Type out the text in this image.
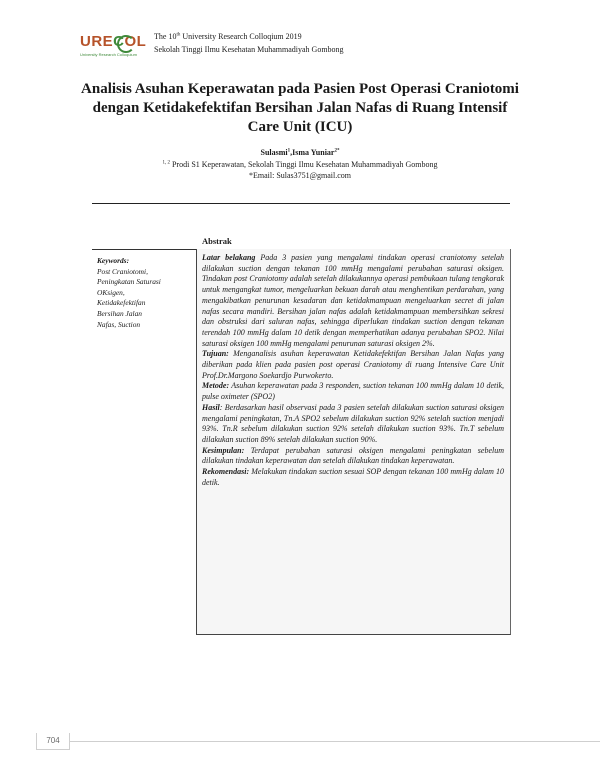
URECOL
University Research Colloquium
The 10th University Research Colloqium 2019
Sekolah Tinggi Ilmu Kesehatan Muhammadiyah Gombong
Analisis Asuhan Keperawatan pada Pasien Post Operasi Craniotomi dengan Ketidakefektifan Bersihan Jalan Nafas di Ruang Intensif Care Unit (ICU)
Sulasmi$^1$,Isma Yuniar$^{2*}$
$^{1, 2}$ Prodi S1 Keperawatan, Sekolah Tinggi Ilmu Kesehatan Muhammadiyah Gombong
*Email: Sulas3751@gmail.com
Abstrak
Keywords:
Post Craniotomi,
Peningkatan Saturasi
OKsigen,
Ketidakefektifan
Bersihan Jalan
Nafas, Suction

Latar belakang Pada 3 pasien yang mengalami tindakan operasi craniotomy setelah dilakukan suction dengan tekanan 100 mmHg mengalami perubahan saturasi oksigen. Tindakan post Craniotomy adalah setelah dilakukannya operasi pembukaan tulang tengkorak untuk mengangkat tumor, mengeluarkan bekuan darah atau menghentikan perdarahan, yang mengakibatkan penurunan kesadaran dan ketidakmampuan mengeluarkan secret di jalan nafas secara mandiri. Bersihan jalan nafas adalah ketidakmampuan membersihkan sekresi dan obstruksi dari saluran nafas, sehingga diperlukan tindakan suction dengan tekanan terendah 100 mmHg dalam 10 detik dengan memperhatikan adanya perubahan SPO2. Nilai saturasi oksigen 100 mmHg mengalami penurunan saturasi oksigen 2%.

Tujuan: Menganalisis asuhan keperawatan Ketidakefektifan Bersihan Jalan Nafas yang diberikan pada klien pada pasien post operasi Craniotomy di ruang Intensive Care Unit Prof.Dr.Margono Soekardjo Purwokerto.

Metode: Asuhan keperawatan pada 3 responden, suction tekanan 100 mmHg dalam 10 detik, pulse oximeter (SPO2)

Hasil: Berdasarkan hasil observasi pada 3 pasien setelah dilakukan suction saturasi oksigen mengalami peningkatan, Tn.A SPO2 sebelum dilakukan suction 92% setelah suction menjadi 93%. Tn.R sebelum dilakukan suction 92% setelah dilakukan suction 93%. Tn.T sebelum dilakukan suction 89% setelah dilakukan suction 90%.

Kesimpulan: Terdapat perubahan saturasi oksigen mengalami peningkatan sebelum dilakukan tindakan keperawatan dan setelah dilakukan tindakan keperawatan.

Rekomendasi: Melakukan tindakan suction sesuai SOP dengan tekanan 100 mmHg dalam 10 detik.

704
